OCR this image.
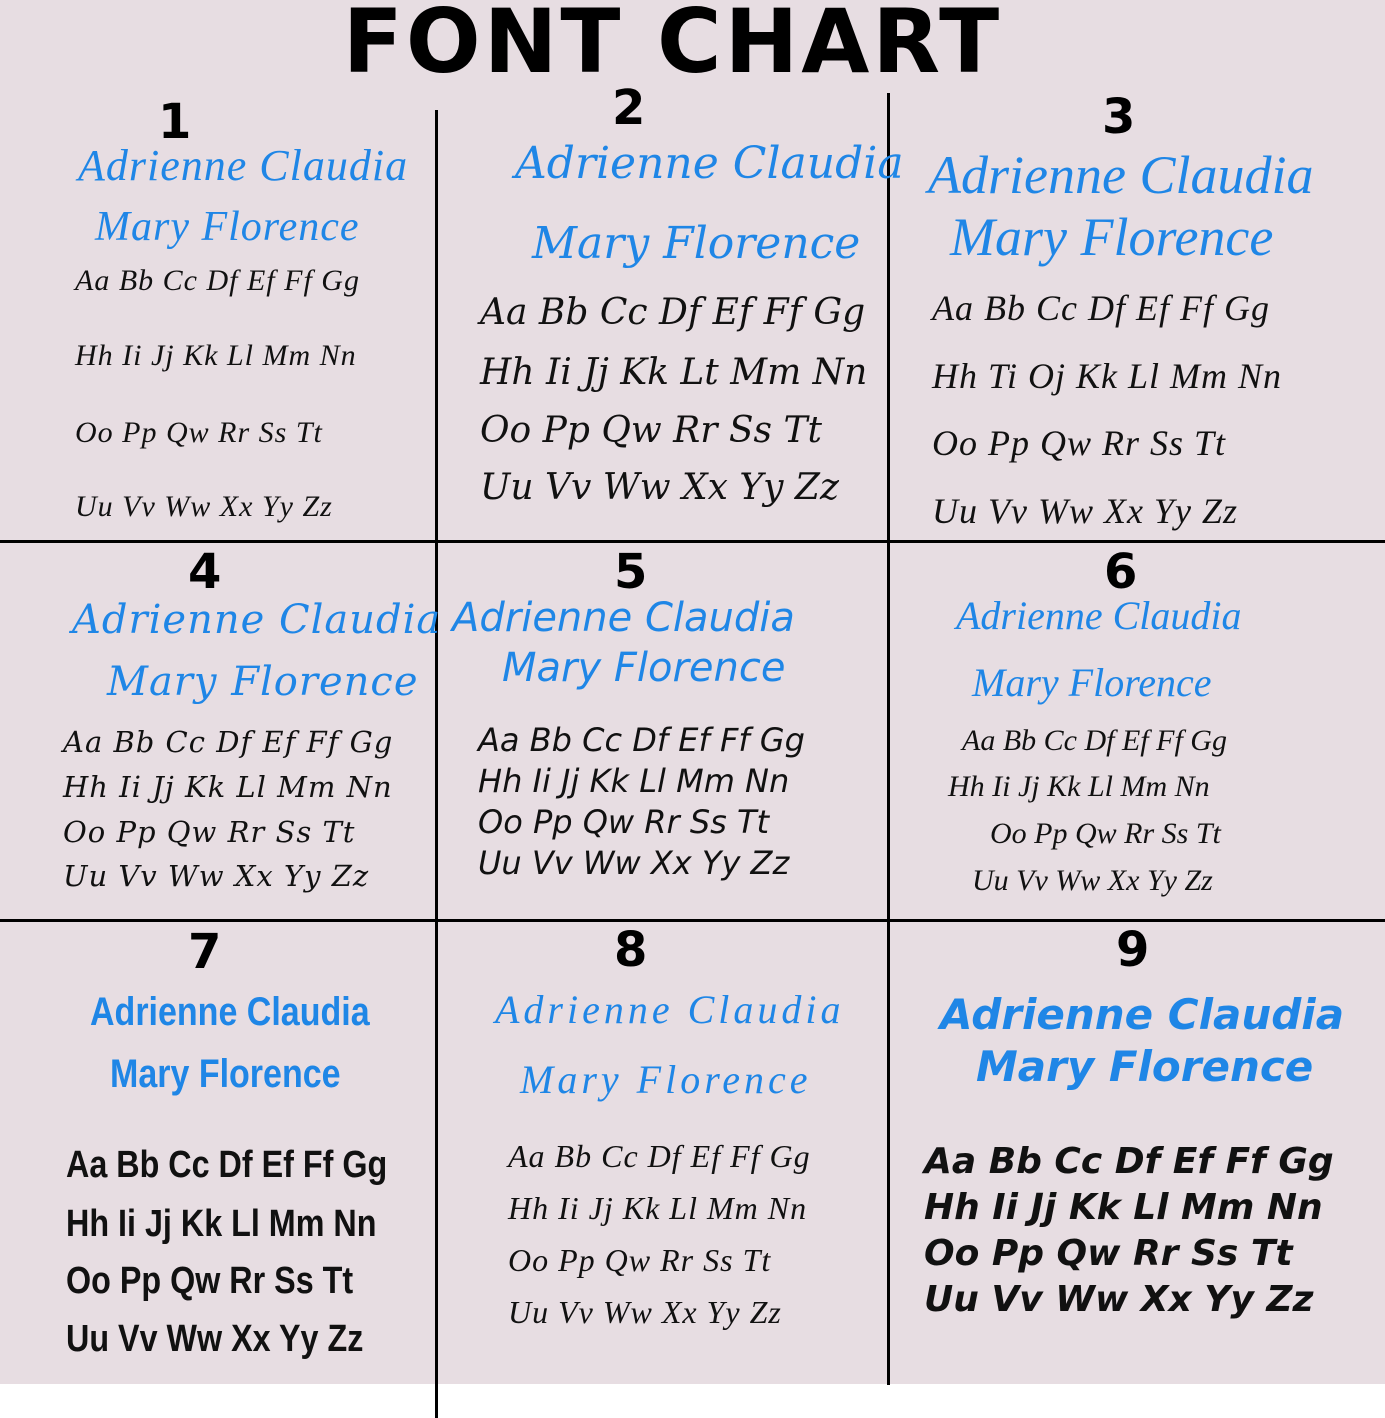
FONT CHART
1
Adrienne Claudia
Mary Florence
Aa Bb Cc Df Ef Ff Gg
Hh Ii Jj Kk Ll Mm Nn
Oo Pp Qw Rr Ss Tt
Uu Vv Ww Xx Yy Zz
2
Adrienne Claudia
Mary Florence
Aa Bb Cc Df Ef Ff Gg
Hh Ii Jj Kk Lt Mm Nn
Oo Pp Qw Rr Ss Tt
Uu Vv Ww Xx Yy Zz
3
Adrienne Claudia
Mary Florence
Aa Bb Cc Df Ef Ff Gg
Hh Ti Oj Kk Ll Mm Nn
Oo Pp Qw Rr Ss Tt
Uu Vv Ww Xx Yy Zz
4
Adrienne Claudia
Mary Florence
Aa Bb Cc Df Ef Ff Gg
Hh Ii Jj Kk Ll Mm Nn
Oo Pp Qw Rr Ss Tt
Uu Vv Ww Xx Yy Zz
5
Adrienne Claudia
Mary Florence
Aa Bb Cc Df Ef Ff Gg
Hh Ii Jj Kk Ll Mm Nn
Oo Pp Qw Rr Ss Tt
Uu Vv Ww Xx Yy Zz
6
Adrienne Claudia
Mary Florence
Aa Bb Cc Df Ef Ff Gg
Hh Ii Jj Kk Ll Mm Nn
Oo Pp Qw Rr Ss Tt
Uu Vv Ww Xx Yy Zz
7
Adrienne Claudia
Mary Florence
Aa Bb Cc Df Ef Ff Gg
Hh Ii Jj Kk Ll Mm Nn
Oo Pp Qw Rr Ss Tt
Uu Vv Ww Xx Yy Zz
8
Adrienne Claudia
Mary Florence
Aa Bb Cc Df Ef Ff Gg
Hh Ii Jj Kk Ll Mm Nn
Oo Pp Qw Rr Ss Tt
Uu Vv Ww Xx Yy Zz
9
Adrienne Claudia
Mary Florence
Aa Bb Cc Df Ef Ff Gg
Hh Ii Jj Kk Ll Mm Nn
Oo Pp Qw Rr Ss Tt
Uu Vv Ww Xx Yy Zz
